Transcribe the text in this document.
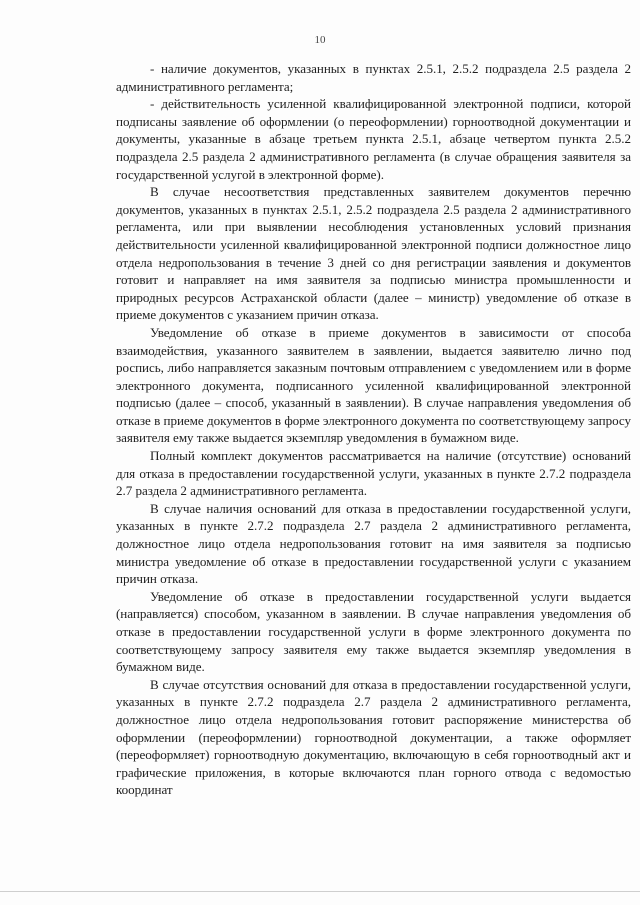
10

- наличие документов, указанных в пунктах 2.5.1, 2.5.2 подраздела 2.5 раздела 2 административного регламента;

- действительность усиленной квалифицированной электронной подписи, которой подписаны заявление об оформлении (о переоформлении) горноотводной документации и документы, указанные в абзаце третьем пункта 2.5.1, абзаце четвертом пункта 2.5.2 подраздела 2.5 раздела 2 административного регламента (в случае обращения заявителя за государственной услугой в электронной форме).

В случае несоответствия представленных заявителем документов перечню документов, указанных в пунктах 2.5.1, 2.5.2 подраздела 2.5 раздела 2 административного регламента, или при выявлении несоблюдения установленных условий признания действительности усиленной квалифицированной электронной подписи должностное лицо отдела недропользования в течение 3 дней со дня регистрации заявления и документов готовит и направляет на имя заявителя за подписью министра промышленности и природных ресурсов Астраханской области (далее – министр) уведомление об отказе в приеме документов с указанием причин отказа.

Уведомление об отказе в приеме документов в зависимости от способа взаимодействия, указанного заявителем в заявлении, выдается заявителю лично под роспись, либо направляется заказным почтовым отправлением с уведомлением или в форме электронного документа, подписанного усиленной квалифицированной электронной подписью (далее – способ, указанный в заявлении). В случае направления уведомления об отказе в приеме документов в форме электронного документа по соответствующему запросу заявителя ему также выдается экземпляр уведомления в бумажном виде.

Полный комплект документов рассматривается на наличие (отсутствие) оснований для отказа в предоставлении государственной услуги, указанных в пункте 2.7.2 подраздела 2.7 раздела 2 административного регламента.

В случае наличия оснований для отказа в предоставлении государственной услуги, указанных в пункте 2.7.2 подраздела 2.7 раздела 2 административного регламента, должностное лицо отдела недропользования готовит на имя заявителя за подписью министра уведомление об отказе в предоставлении государственной услуги с указанием причин отказа.

Уведомление об отказе в предоставлении государственной услуги выдается (направляется) способом, указанном в заявлении. В случае направления уведомления об отказе в предоставлении государственной услуги в форме электронного документа по соответствующему запросу заявителя ему также выдается экземпляр уведомления в бумажном виде.

В случае отсутствия оснований для отказа в предоставлении государственной услуги, указанных в пункте 2.7.2 подраздела 2.7 раздела 2 административного регламента, должностное лицо отдела недропользования готовит распоряжение министерства об оформлении (переоформлении) горноотводной документации, а также оформляет (переоформляет) горноотводную документацию, включающую в себя горноотводный акт и графические приложения, в которые включаются план горного отвода с ведомостью координат
